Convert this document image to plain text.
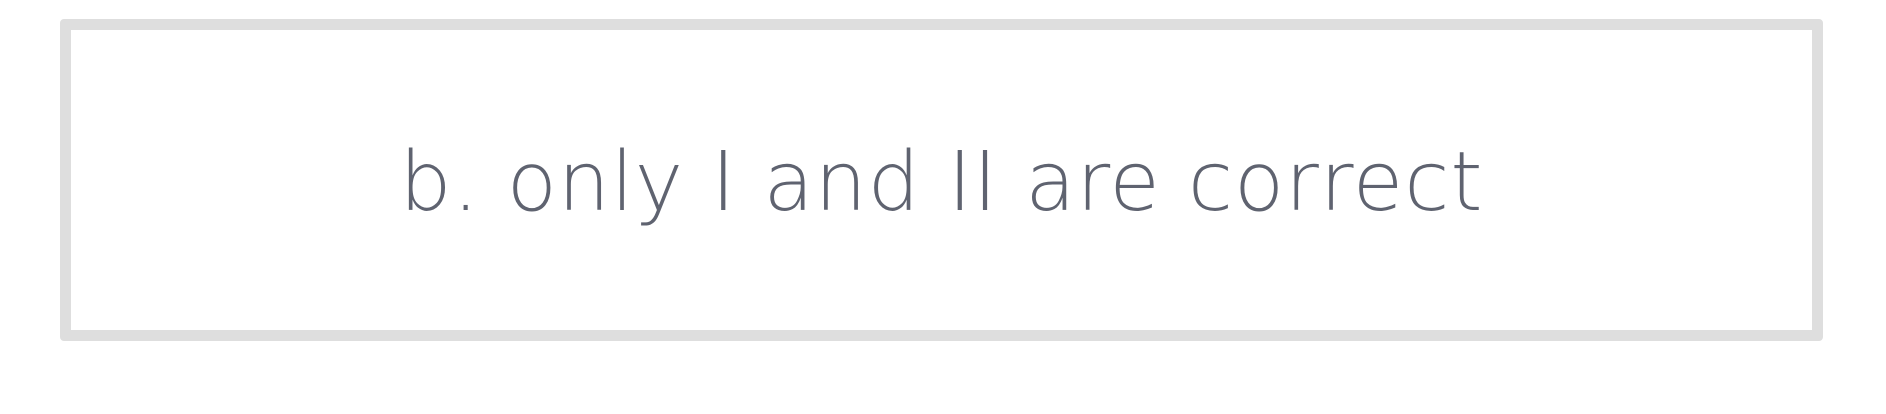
b. only I and II are correct
